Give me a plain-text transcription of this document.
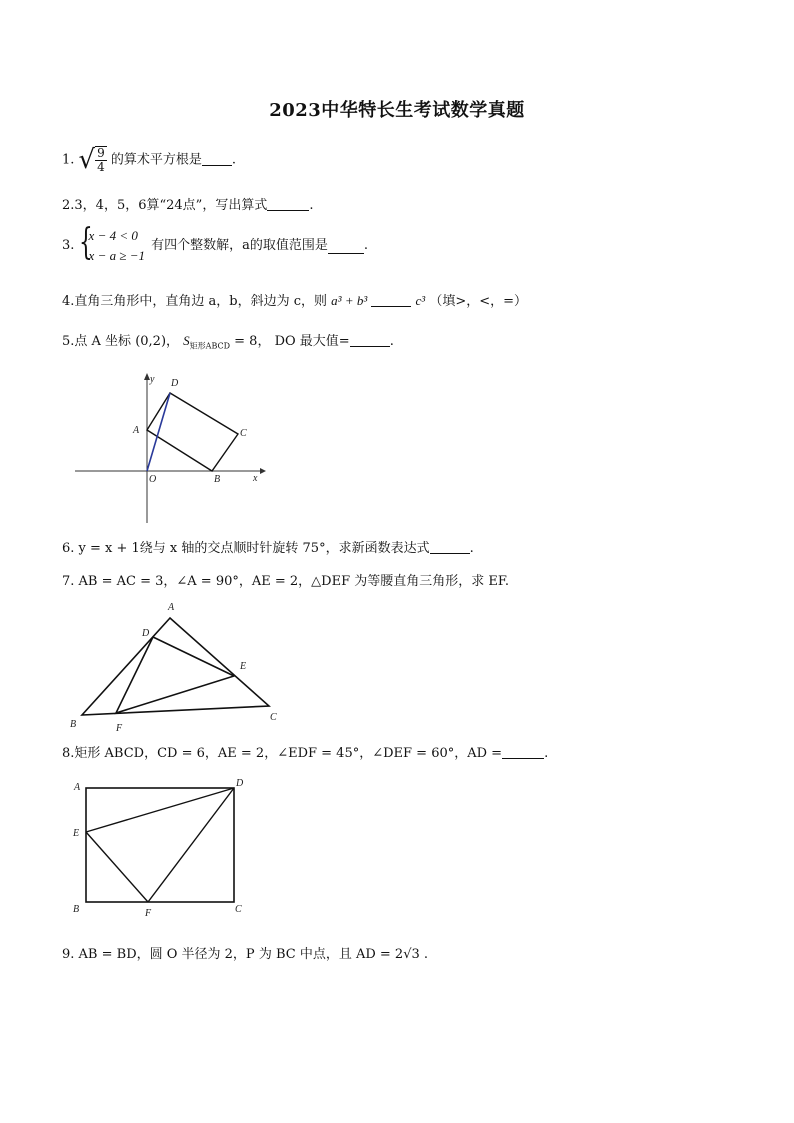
2023中华特长生考试数学真题
1. √ $\frac{9}{4}$ 的算术平方根是 .
2.3，4，5，6算“24点”，写出算式	.
3. {
x − 4 < 0
x − a ≥ −1
有四个整数解，a的取值范围是	.
4.直角三角形中，直角边 a，b，斜边为 c，则 a³ + b³	c³ （填>，<，=）
5.点 A 坐标 (0,2)， $S_{矩形ABCD} = 8$， DO 最大值=	.
y D
A	C
O	B	x
6. y = x + 1绕与 x 轴的交点顺时针旋转 75°，求新函数表达式	.
7. AB = AC = 3，∠A = 90°，AE = 2，△DEF 为等腰直角三角形，求 EF.
A
D
E
B	F
C
8.矩形 ABCD，CD = 6，AE = 2，∠EDF = 45°，∠DEF = 60°，AD =	.
A	D
E
B	F	C
9. AB = BD，圆 O 半径为 2，P 为 BC 中点，且 AD = 2√3 .
